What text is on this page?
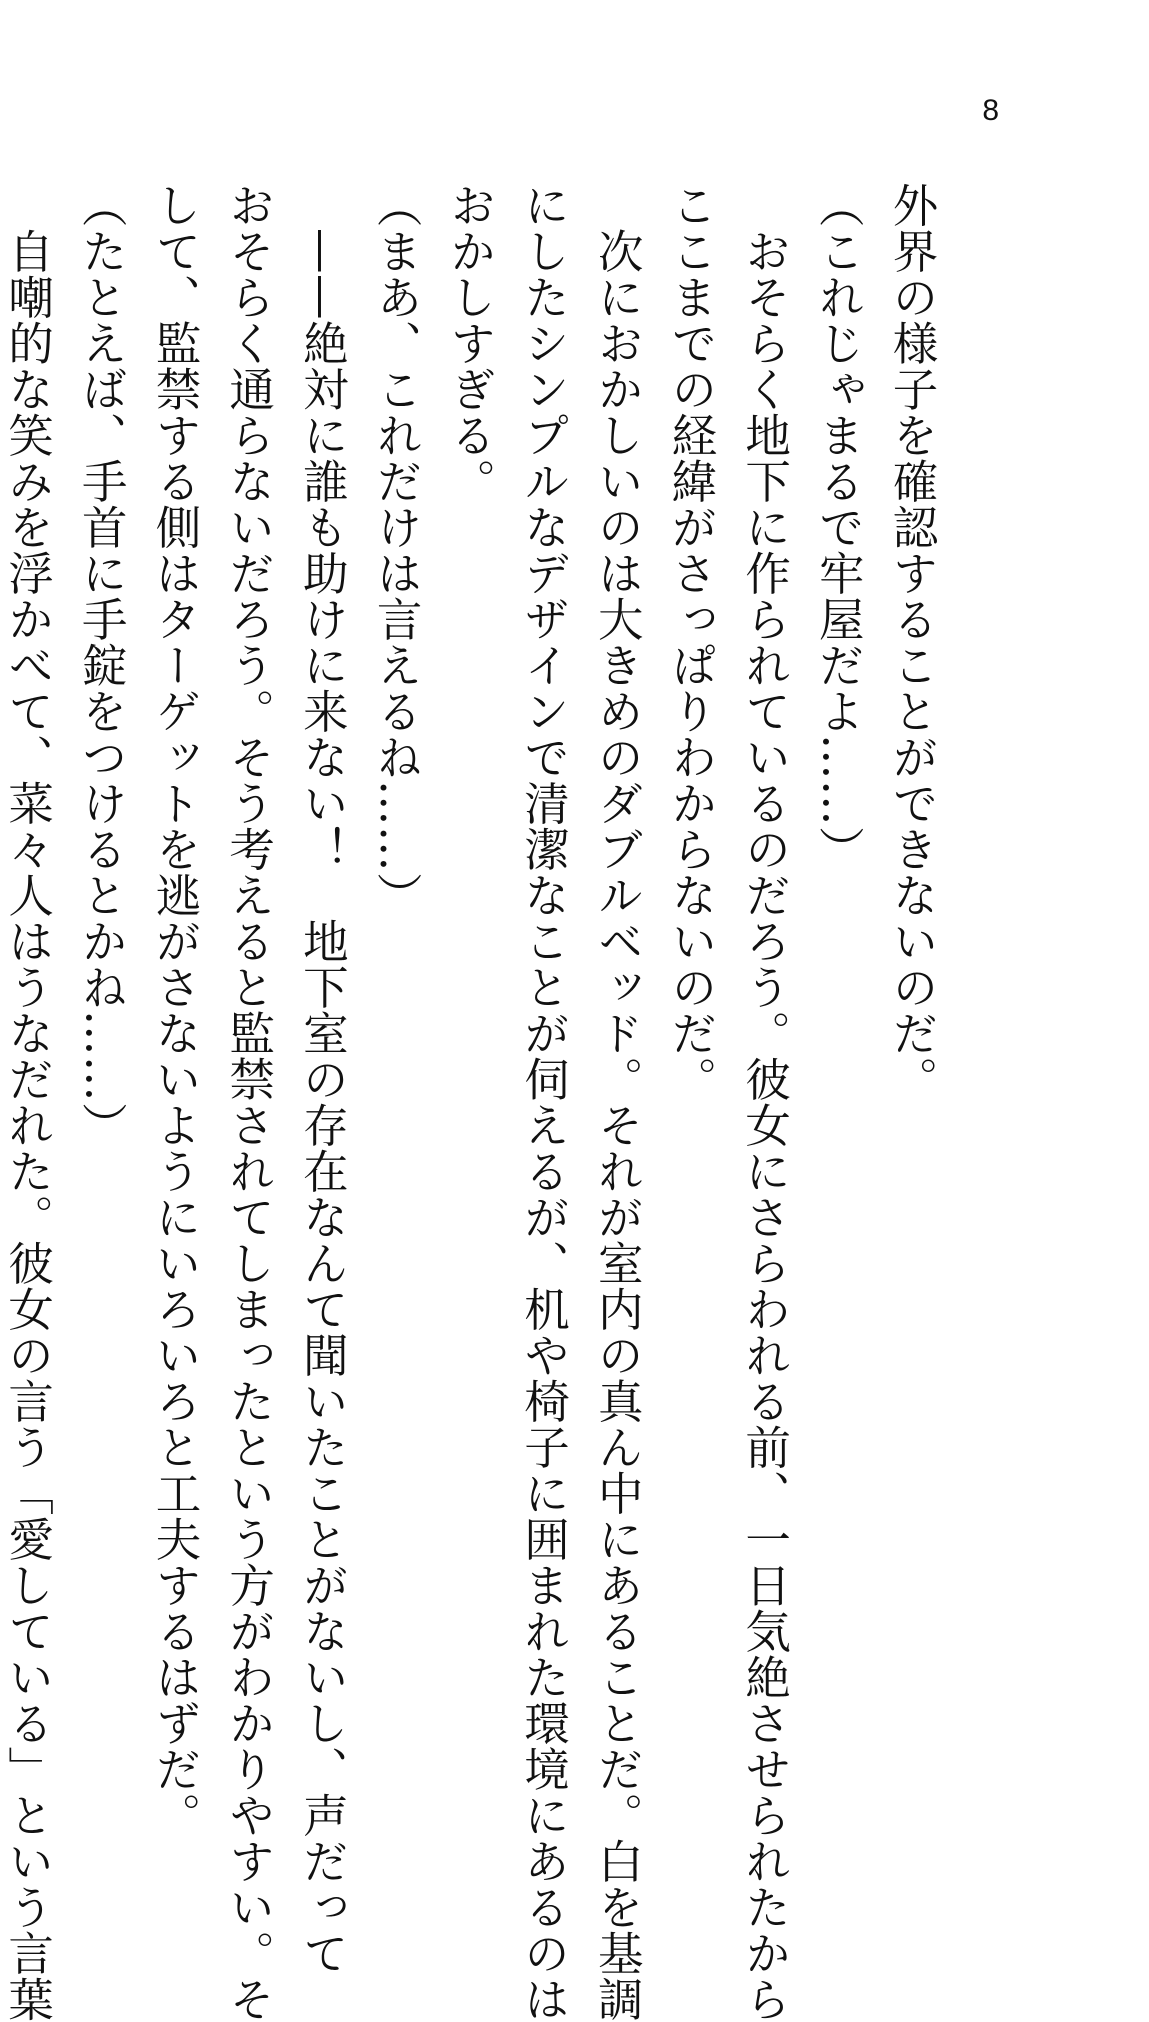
8
外界の様子を確認することができないのだ。
（これじゃまるで牢屋だよ……）
　おそらく地下に作られているのだろう。彼女にさらわれる前、一日気絶させられたから
ここまでの経緯がさっぱりわからないのだ。
　次におかしいのは大きめのダブルベッド。それが室内の真ん中にあることだ。白を基調
にしたシンプルなデザインで清潔なことが伺えるが、机や椅子に囲まれた環境にあるのは
おかしすぎる。
（まあ、これだけは言えるね……）
　——絶対に誰も助けに来ない！　地下室の存在なんて聞いたことがないし、声だって
おそらく通らないだろう。そう考えると監禁されてしまったという方がわかりやすい。そ
して、監禁する側はターゲットを逃がさないようにいろいろと工夫するはずだ。
（たとえば、手首に手錠をつけるとかね……）
　自嘲的な笑みを浮かべて、菜々人はうなだれた。彼女の言う「愛している」という言葉
